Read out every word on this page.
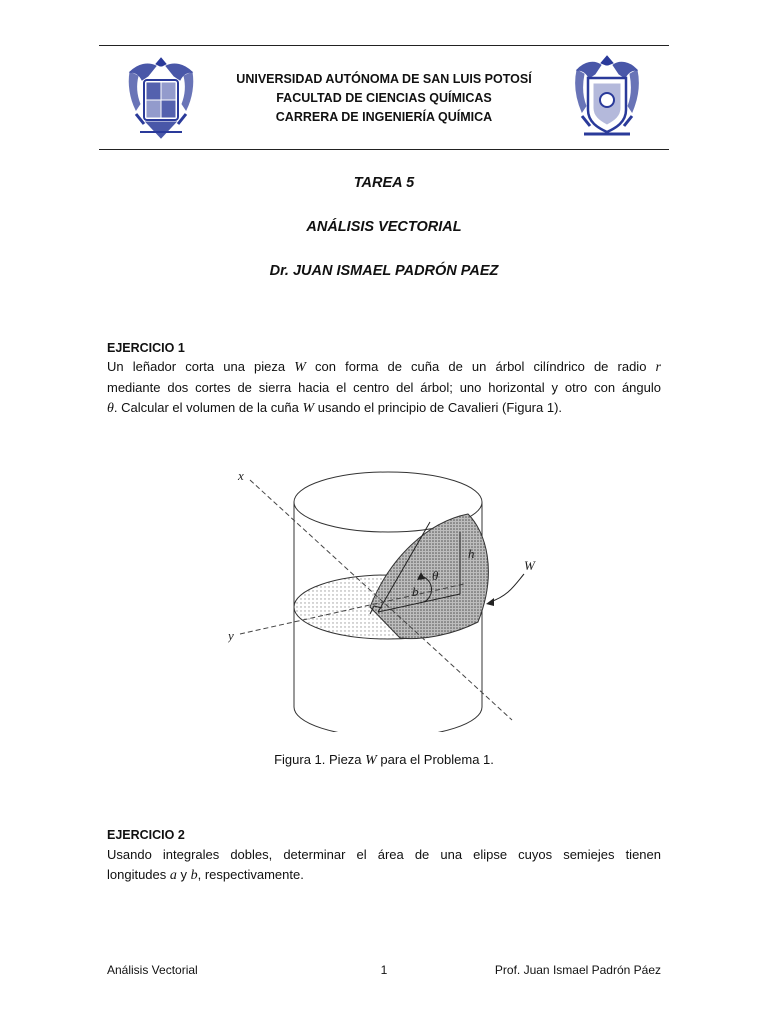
UNIVERSIDAD AUTÓNOMA DE SAN LUIS POTOSÍ
FACULTAD DE CIENCIAS QUÍMICAS
CARRERA DE INGENIERÍA QUÍMICA
TAREA 5
ANÁLISIS VECTORIAL
Dr. JUAN ISMAEL PADRÓN PAEZ
EJERCICIO 1
Un leñador corta una pieza W con forma de cuña de un árbol cilíndrico de radio r
mediante dos cortes de sierra hacia el centro del árbol; uno horizontal y otro con ángulo
θ. Calcular el volumen de la cuña W usando el principio de Cavalieri (Figura 1).
x
y
h
θ
b
W
Figura 1. Pieza W para el Problema 1.
EJERCICIO 2
Usando integrales dobles, determinar el área de una elipse cuyos semiejes tienen
longitudes a y b, respectivamente.
Análisis Vectorial	1	Prof. Juan Ismael Padrón Páez
